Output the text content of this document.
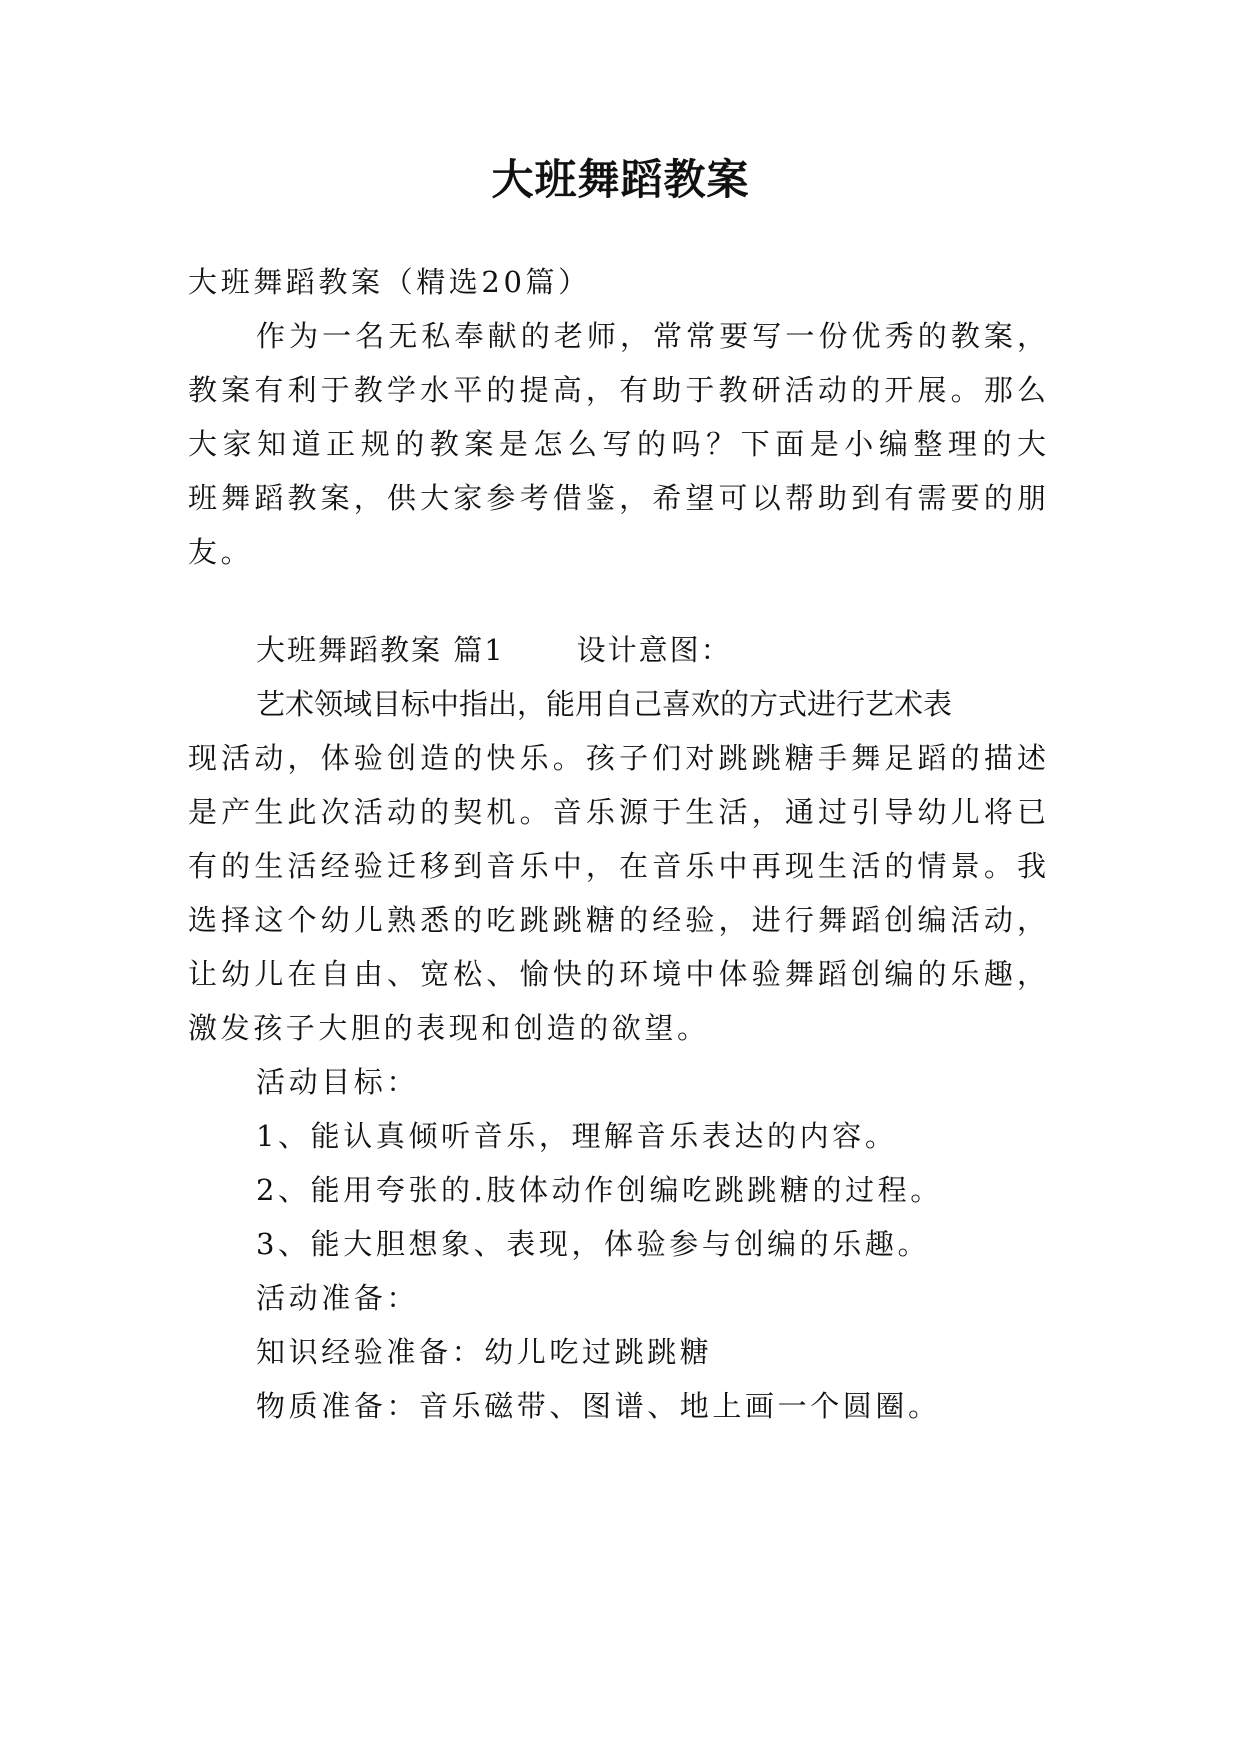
大班舞蹈教案
大班舞蹈教案（精选20篇）
作为一名无私奉献的老师，常常要写一份优秀的教案，
教案有利于教学水平的提高，有助于教研活动的开展。那么
大家知道正规的教案是怎么写的吗？下面是小编整理的大
班舞蹈教案，供大家参考借鉴，希望可以帮助到有需要的朋
友。
大班舞蹈教案 篇1 设计意图：
艺术领域目标中指出，能用自己喜欢的方式进行艺术表
现活动，体验创造的快乐。孩子们对跳跳糖手舞足蹈的描述
是产生此次活动的契机。音乐源于生活，通过引导幼儿将已
有的生活经验迁移到音乐中，在音乐中再现生活的情景。我
选择这个幼儿熟悉的吃跳跳糖的经验，进行舞蹈创编活动，
让幼儿在自由、宽松、愉快的环境中体验舞蹈创编的乐趣，
激发孩子大胆的表现和创造的欲望。
活动目标：
1、能认真倾听音乐，理解音乐表达的内容。
2、能用夸张的.肢体动作创编吃跳跳糖的过程。
3、能大胆想象、表现，体验参与创编的乐趣。
活动准备：
知识经验准备：幼儿吃过跳跳糖
物质准备：音乐磁带、图谱、地上画一个圆圈。
